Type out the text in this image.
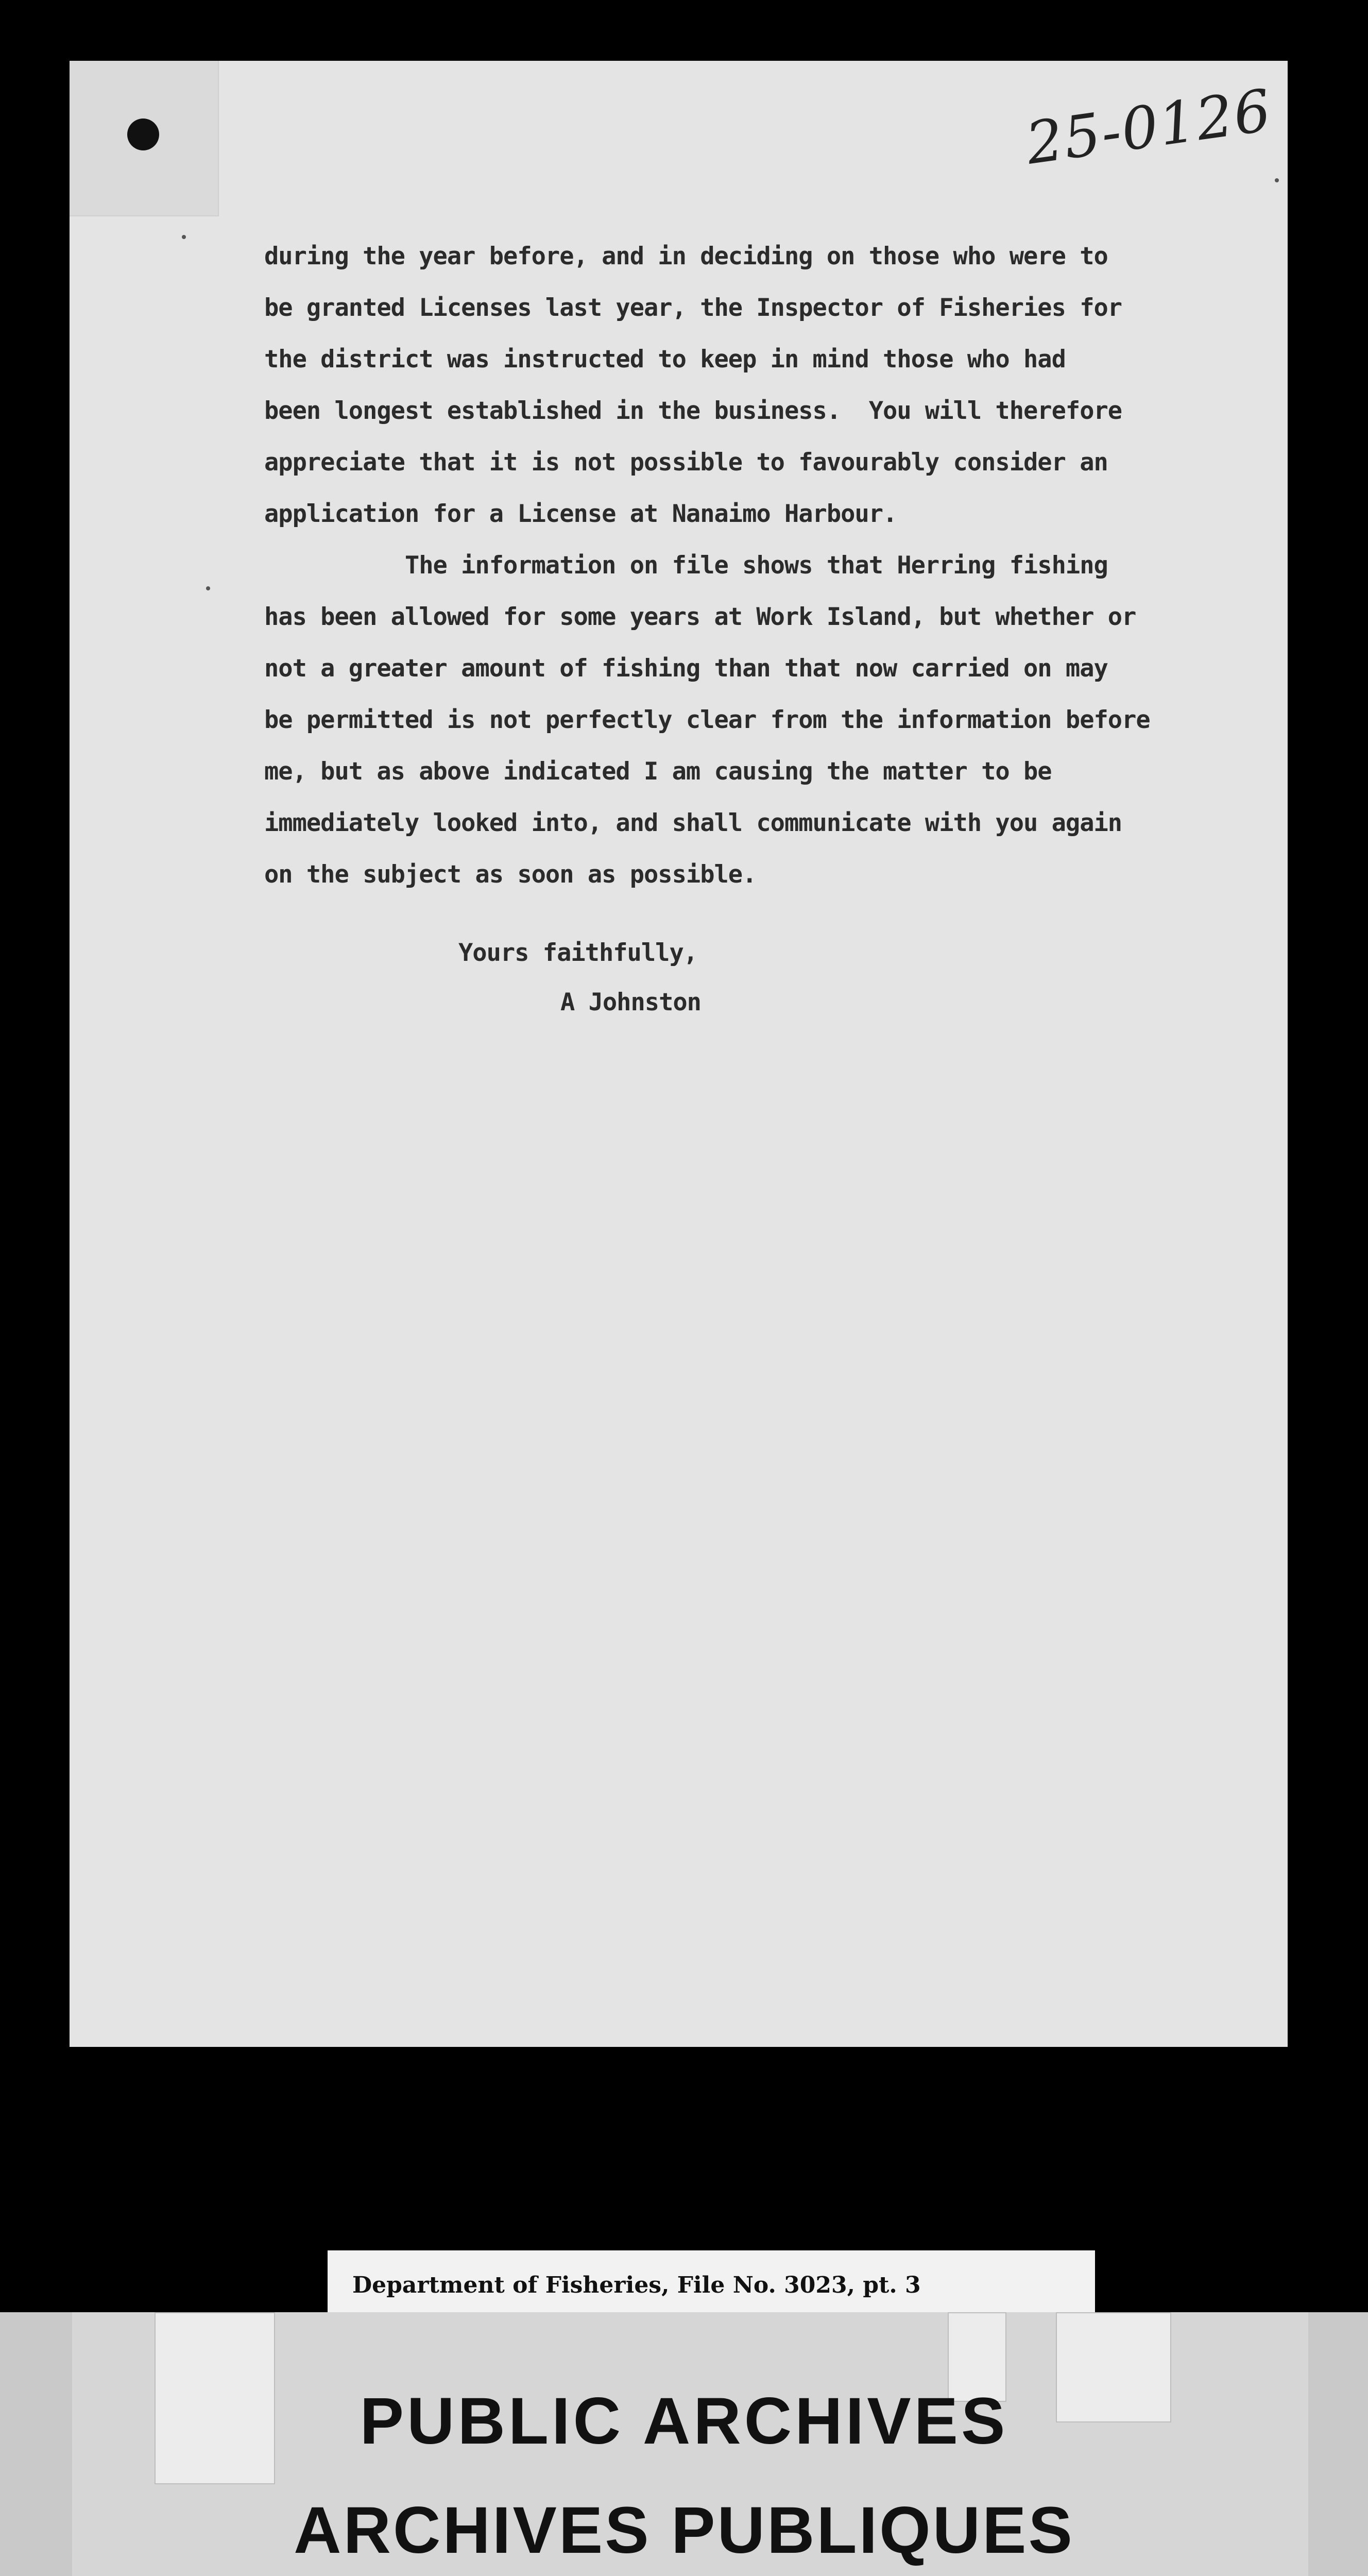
25-0126

during the year before, and in deciding on those who were to

be granted Licenses last year, the Inspector of Fisheries for

the district was instructed to keep in mind those who had

been longest established in the business.  You will therefore

appreciate that it is not possible to favourably consider an

application for a License at Nanaimo Harbour.

The information on file shows that Herring fishing

has been allowed for some years at Work Island, but whether or

not a greater amount of fishing than that now carried on may

be permitted is not perfectly clear from the information before

me, but as above indicated I am causing the matter to be

immediately looked into, and shall communicate with you again

on the subject as soon as possible.

Yours faithfully,
A Johnston
Department of Fisheries, File No. 3023, pt. 3
PUBLIC ARCHIVES
ARCHIVES PUBLIQUES
